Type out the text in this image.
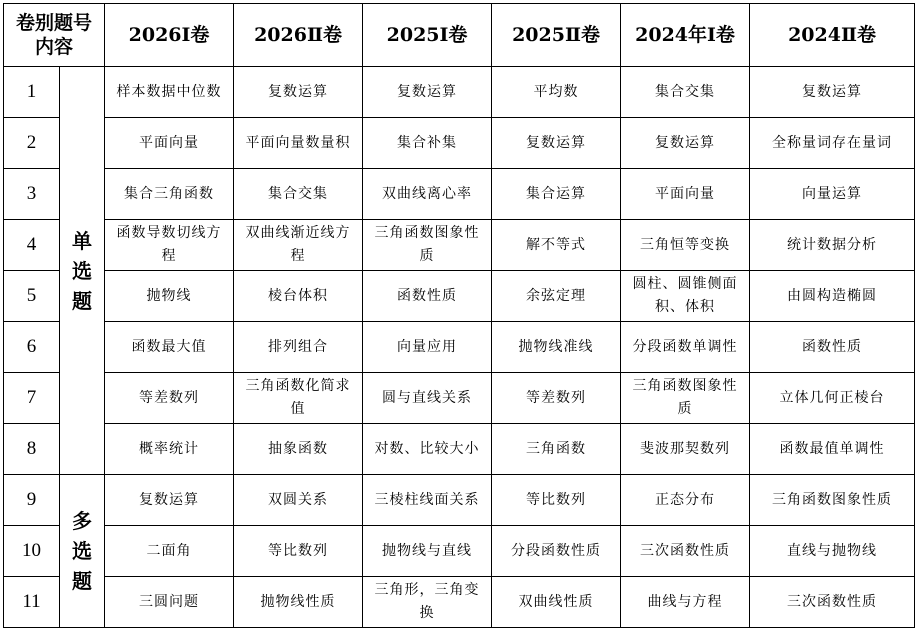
卷别题号内容		2026Ⅰ卷	2026Ⅱ卷	2025Ⅰ卷	2025Ⅱ卷	2024年Ⅰ卷	2024Ⅱ卷
1	单选题	样本数据中位数	复数运算	复数运算	平均数	集合交集	复数运算
2		平面向量	平面向量数量积	集合补集	复数运算	复数运算	全称量词存在量词
3		集合三角函数	集合交集	双曲线离心率	集合运算	平面向量	向量运算
4		函数导数切线方程	双曲线渐近线方程	三角函数图象性质	解不等式	三角恒等变换	统计数据分析
5		抛物线	棱台体积	函数性质	余弦定理	圆柱、圆锥侧面积、体积	由圆构造椭圆
6		函数最大值	排列组合	向量应用	抛物线准线	分段函数单调性	函数性质
7		等差数列	三角函数化简求值	圆与直线关系	等差数列	三角函数图象性质	立体几何正棱台
8		概率统计	抽象函数	对数、比较大小	三角函数	斐波那契数列	函数最值单调性
9	多选题	复数运算	双圆关系	三棱柱线面关系	等比数列	正态分布	三角函数图象性质
10		二面角	等比数列	抛物线与直线	分段函数性质	三次函数性质	直线与抛物线
11		三圆问题	抛物线性质	三角形，三角变换	双曲线性质	曲线与方程	三次函数性质
